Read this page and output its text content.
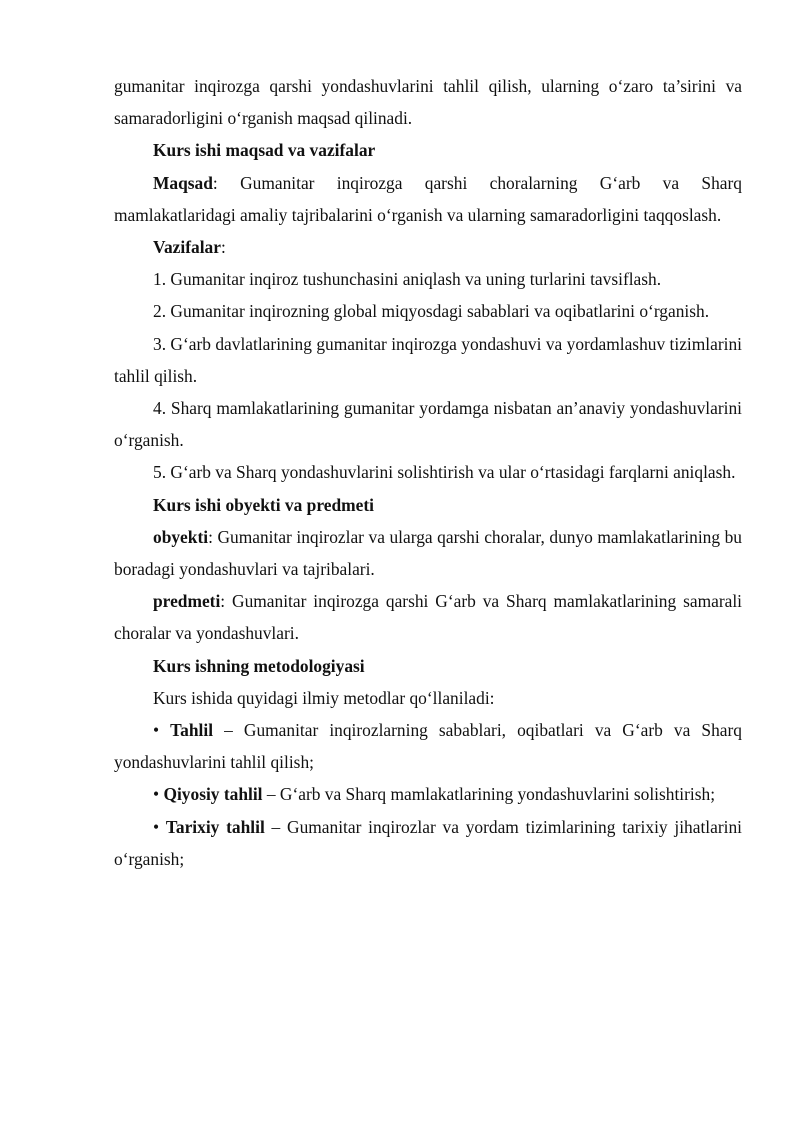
gumanitar inqirozga qarshi yondashuvlarini tahlil qilish, ularning o‘zaro ta’sirini va samaradorligini o‘rganish maqsad qilinadi.

Kurs ishi maqsad va vazifalar

Maqsad: Gumanitar inqirozga qarshi choralarning G‘arb va Sharq mamlakatlaridagi amaliy tajribalarini o‘rganish va ularning samaradorligini taqqoslash.

Vazifalar:

1. Gumanitar inqiroz tushunchasini aniqlash va uning turlarini tavsiflash.

2. Gumanitar inqirozning global miqyosdagi sabablari va oqibatlarini o‘rganish.

3. G‘arb davlatlarining gumanitar inqirozga yondashuvi va yordamlashuv tizimlarini tahlil qilish.

4. Sharq mamlakatlarining gumanitar yordamga nisbatan an’anaviy yondashuvlarini o‘rganish.

5. G‘arb va Sharq yondashuvlarini solishtirish va ular o‘rtasidagi farqlarni aniqlash.

Kurs ishi obyekti va predmeti

obyekti: Gumanitar inqirozlar va ularga qarshi choralar, dunyo mamlakatlarining bu boradagi yondashuvlari va tajribalari.

predmeti: Gumanitar inqirozga qarshi G‘arb va Sharq mamlakatlarining samarali choralar va yondashuvlari.

Kurs ishning metodologiyasi

Kurs ishida quyidagi ilmiy metodlar qo‘llaniladi:

• Tahlil – Gumanitar inqirozlarning sabablari, oqibatlari va G‘arb va Sharq yondashuvlarini tahlil qilish;

• Qiyosiy tahlil – G‘arb va Sharq mamlakatlarining yondashuvlarini solishtirish;

• Tarixiy tahlil – Gumanitar inqirozlar va yordam tizimlarining tarixiy jihatlarini o‘rganish;
